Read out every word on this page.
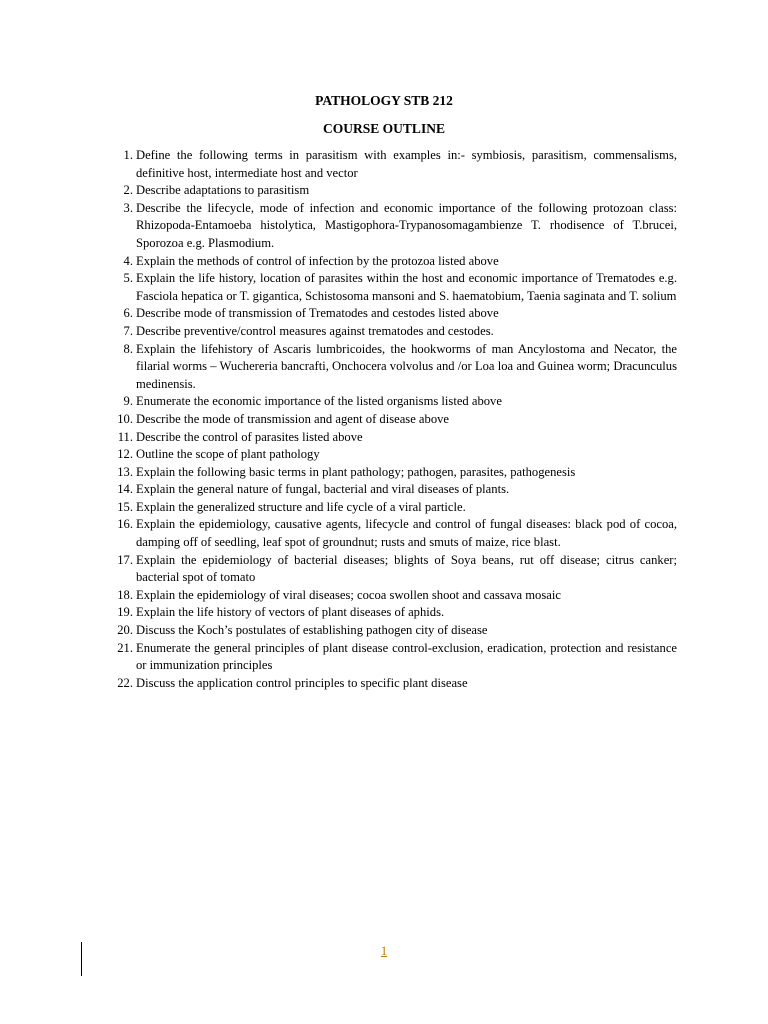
PATHOLOGY STB 212
COURSE OUTLINE
1. Define the following terms in parasitism with examples in:- symbiosis, parasitism, commensalisms, definitive host, intermediate host and vector
2. Describe adaptations to parasitism
3. Describe the lifecycle, mode of infection and economic importance of the following protozoan class: Rhizopoda-Entamoeba histolytica, Mastigophora-Trypanosomagambienze T. rhodisence of T.brucei, Sporozoa e.g. Plasmodium.
4. Explain the methods of control of infection by the protozoa listed above
5. Explain the life history, location of parasites within the host and economic importance of Trematodes e.g. Fasciola hepatica or T. gigantica, Schistosoma mansoni and S. haematobium, Taenia saginata and T. solium
6. Describe mode of transmission of Trematodes and cestodes listed above
7. Describe preventive/control measures against trematodes and cestodes.
8. Explain the lifehistory of Ascaris lumbricoides, the hookworms of man Ancylostoma and Necator, the filarial worms – Wuchereria bancrafti, Onchocera volvolus and /or Loa loa and Guinea worm; Dracunculus medinensis.
9. Enumerate the economic importance of the listed organisms listed above
10. Describe the mode of transmission and agent of disease above
11. Describe the control of parasites listed above
12. Outline the scope of plant pathology
13. Explain the following basic terms in plant pathology; pathogen, parasites, pathogenesis
14. Explain the general nature of fungal, bacterial and viral diseases of plants.
15. Explain the generalized structure and life cycle of a viral particle.
16. Explain the epidemiology, causative agents, lifecycle and control of fungal diseases: black pod of cocoa, damping off of seedling, leaf spot of groundnut; rusts and smuts of maize, rice blast.
17. Explain the epidemiology of bacterial diseases; blights of Soya beans, rut off disease; citrus canker; bacterial spot of tomato
18. Explain the epidemiology of viral diseases; cocoa swollen shoot and cassava mosaic
19. Explain the life history of vectors of plant diseases of aphids.
20. Discuss the Koch’s postulates of establishing pathogen city of disease
21. Enumerate the general principles of plant disease control-exclusion, eradication, protection and resistance or immunization principles
22. Discuss the application control principles to specific plant disease
1
